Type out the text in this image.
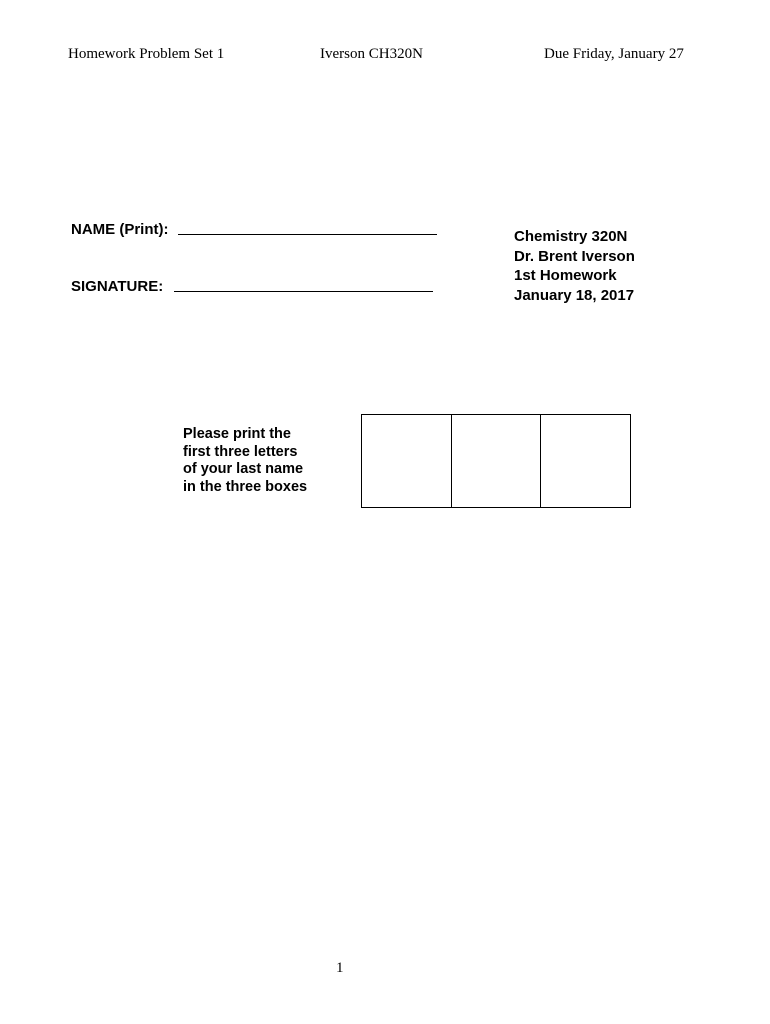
Homework Problem Set 1	Iverson CH320N	Due Friday, January 27
NAME (Print):
SIGNATURE:
Chemistry 320N
Dr. Brent Iverson
1st Homework
January 18, 2017
Please print the
first three letters
of your last name
in the three boxes
1
